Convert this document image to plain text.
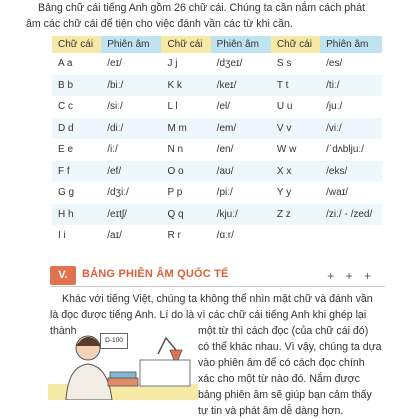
Bảng chữ cái tiếng Anh gồm 26 chữ cái. Chúng ta cần nắm cách phát âm các chữ cái để tiện cho việc đánh vần các từ khi cần.

Chữ cái	Phiên âm	Chữ cái	Phiên âm	Chữ cái	Phiên âm
A a	/eɪ/	J j	/dʒeɪ/	S s	/es/
B b	/biː/	K k	/keɪ/	T t	/tiː/
C c	/siː/	L l	/el/	U u	/juː/
D d	/diː/	M m	/em/	V v	/viː/
E e	/iː/	N n	/en/	W w	/ˈdʌbljuː/
F f	/ef/	O o	/aʊ/	X x	/eks/
G g	/dʒiː/	P p	/piː/	Y y	/waɪ/
H h	/eɪtʃ/	Q q	/kjuː/	Z z	/ziː/ - /zed/
I i	/aɪ/	R r	/ɑːr/		
V.	BẢNG PHIÊN ÂM QUỐC TẾ	+ + +

Khác với tiếng Việt, chúng ta không thể nhìn mặt chữ và đánh vần là đọc được tiếng Anh. Lí do là vì các chữ cái tiếng Anh khi ghép lại thành

D-100

một từ thì cách đọc (của chữ cái đó) có thể khác nhau. Vì vậy, chúng ta dựa vào phiên âm để có cách đọc chính xác cho một từ nào đó. Nắm được bảng phiên âm sẽ giúp bạn cảm thấy tự tin và phát âm dễ dàng hơn.
